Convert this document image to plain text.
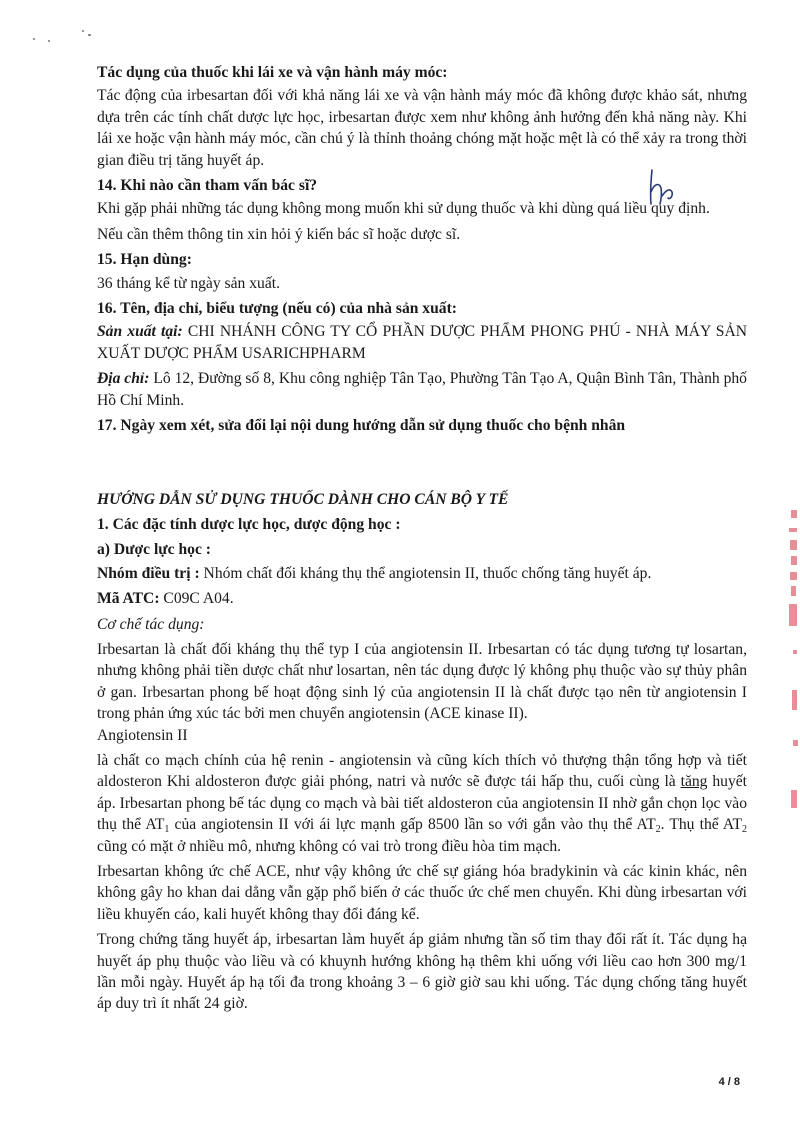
Tác dụng của thuốc khi lái xe và vận hành máy móc:

Tác động của irbesartan đối với khả năng lái xe và vận hành máy móc đã không được khảo sát, nhưng dựa trên các tính chất dược lực học, irbesartan được xem như không ảnh hưởng đến khả năng này. Khi lái xe hoặc vận hành máy móc, cần chú ý là thỉnh thoảng chóng mặt hoặc mệt là có thể xảy ra trong thời gian điều trị tăng huyết áp.

14. Khi nào cần tham vấn bác sĩ?

Khi gặp phải những tác dụng không mong muốn khi sử dụng thuốc và khi dùng quá liều quy định.

Nếu cần thêm thông tin xin hỏi ý kiến bác sĩ hoặc dược sĩ.

15. Hạn dùng:

36 tháng kể từ ngày sản xuất.

16. Tên, địa chỉ, biểu tượng (nếu có) của nhà sản xuất:

Sản xuất tại: CHI NHÁNH CÔNG TY CỔ PHẦN DƯỢC PHẨM PHONG PHÚ - NHÀ MÁY SẢN XUẤT DƯỢC PHẨM USARICHPHARM

Địa chỉ: Lô 12, Đường số 8, Khu công nghiệp Tân Tạo, Phường Tân Tạo A, Quận Bình Tân, Thành phố Hồ Chí Minh.

17. Ngày xem xét, sửa đổi lại nội dung hướng dẫn sử dụng thuốc cho bệnh nhân

HƯỚNG DẪN SỬ DỤNG THUỐC DÀNH CHO CÁN BỘ Y TẾ

1. Các đặc tính dược lực học, dược động học :

a) Dược lực học :

Nhóm điều trị : Nhóm chất đối kháng thụ thể angiotensin II, thuốc chống tăng huyết áp.

Mã ATC: C09C A04.

Cơ chế tác dụng:

Irbesartan là chất đối kháng thụ thể typ I của angiotensin II. Irbesartan có tác dụng tương tự losartan, nhưng không phải tiền dược chất như losartan, nên tác dụng được lý không phụ thuộc vào sự thủy phân ở gan. Irbesartan phong bế hoạt động sinh lý của angiotensin II là chất được tạo nên từ angiotensin I trong phản ứng xúc tác bởi men chuyển angiotensin (ACE kinase II).

Angiotensin II

là chất co mạch chính của hệ renin - angiotensin và cũng kích thích vỏ thượng thận tổng hợp và tiết aldosteron Khi aldosteron được giải phóng, natri và nước sẽ được tái hấp thu, cuối cùng là tăng huyết áp. Irbesartan phong bế tác dụng co mạch và bài tiết aldosteron của angiotensin II nhờ gắn chọn lọc vào thụ thể $AT_1$ của angiotensin II với ái lực mạnh gấp 8500 lần so với gắn vào thụ thể $AT_2$. Thụ thể $AT_2$ cũng có mặt ở nhiều mô, nhưng không có vai trò trong điều hòa tim mạch.

Irbesartan không ức chế ACE, như vậy không ức chế sự giáng hóa bradykinin và các kinin khác, nên không gây ho khan dai dẳng vẫn gặp phổ biến ở các thuốc ức chế men chuyển. Khi dùng irbesartan với liều khuyến cáo, kali huyết không thay đổi đáng kể.

Trong chứng tăng huyết áp, irbesartan làm huyết áp giảm nhưng tần số tim thay đổi rất ít. Tác dụng hạ huyết áp phụ thuộc vào liều và có khuynh hướng không hạ thêm khi uống với liều cao hơn 300 mg/1 lần mỗi ngày. Huyết áp hạ tối đa trong khoảng 3 – 6 giờ giờ sau khi uống. Tác dụng chống tăng huyết áp duy trì ít nhất 24 giờ.

4 / 8
